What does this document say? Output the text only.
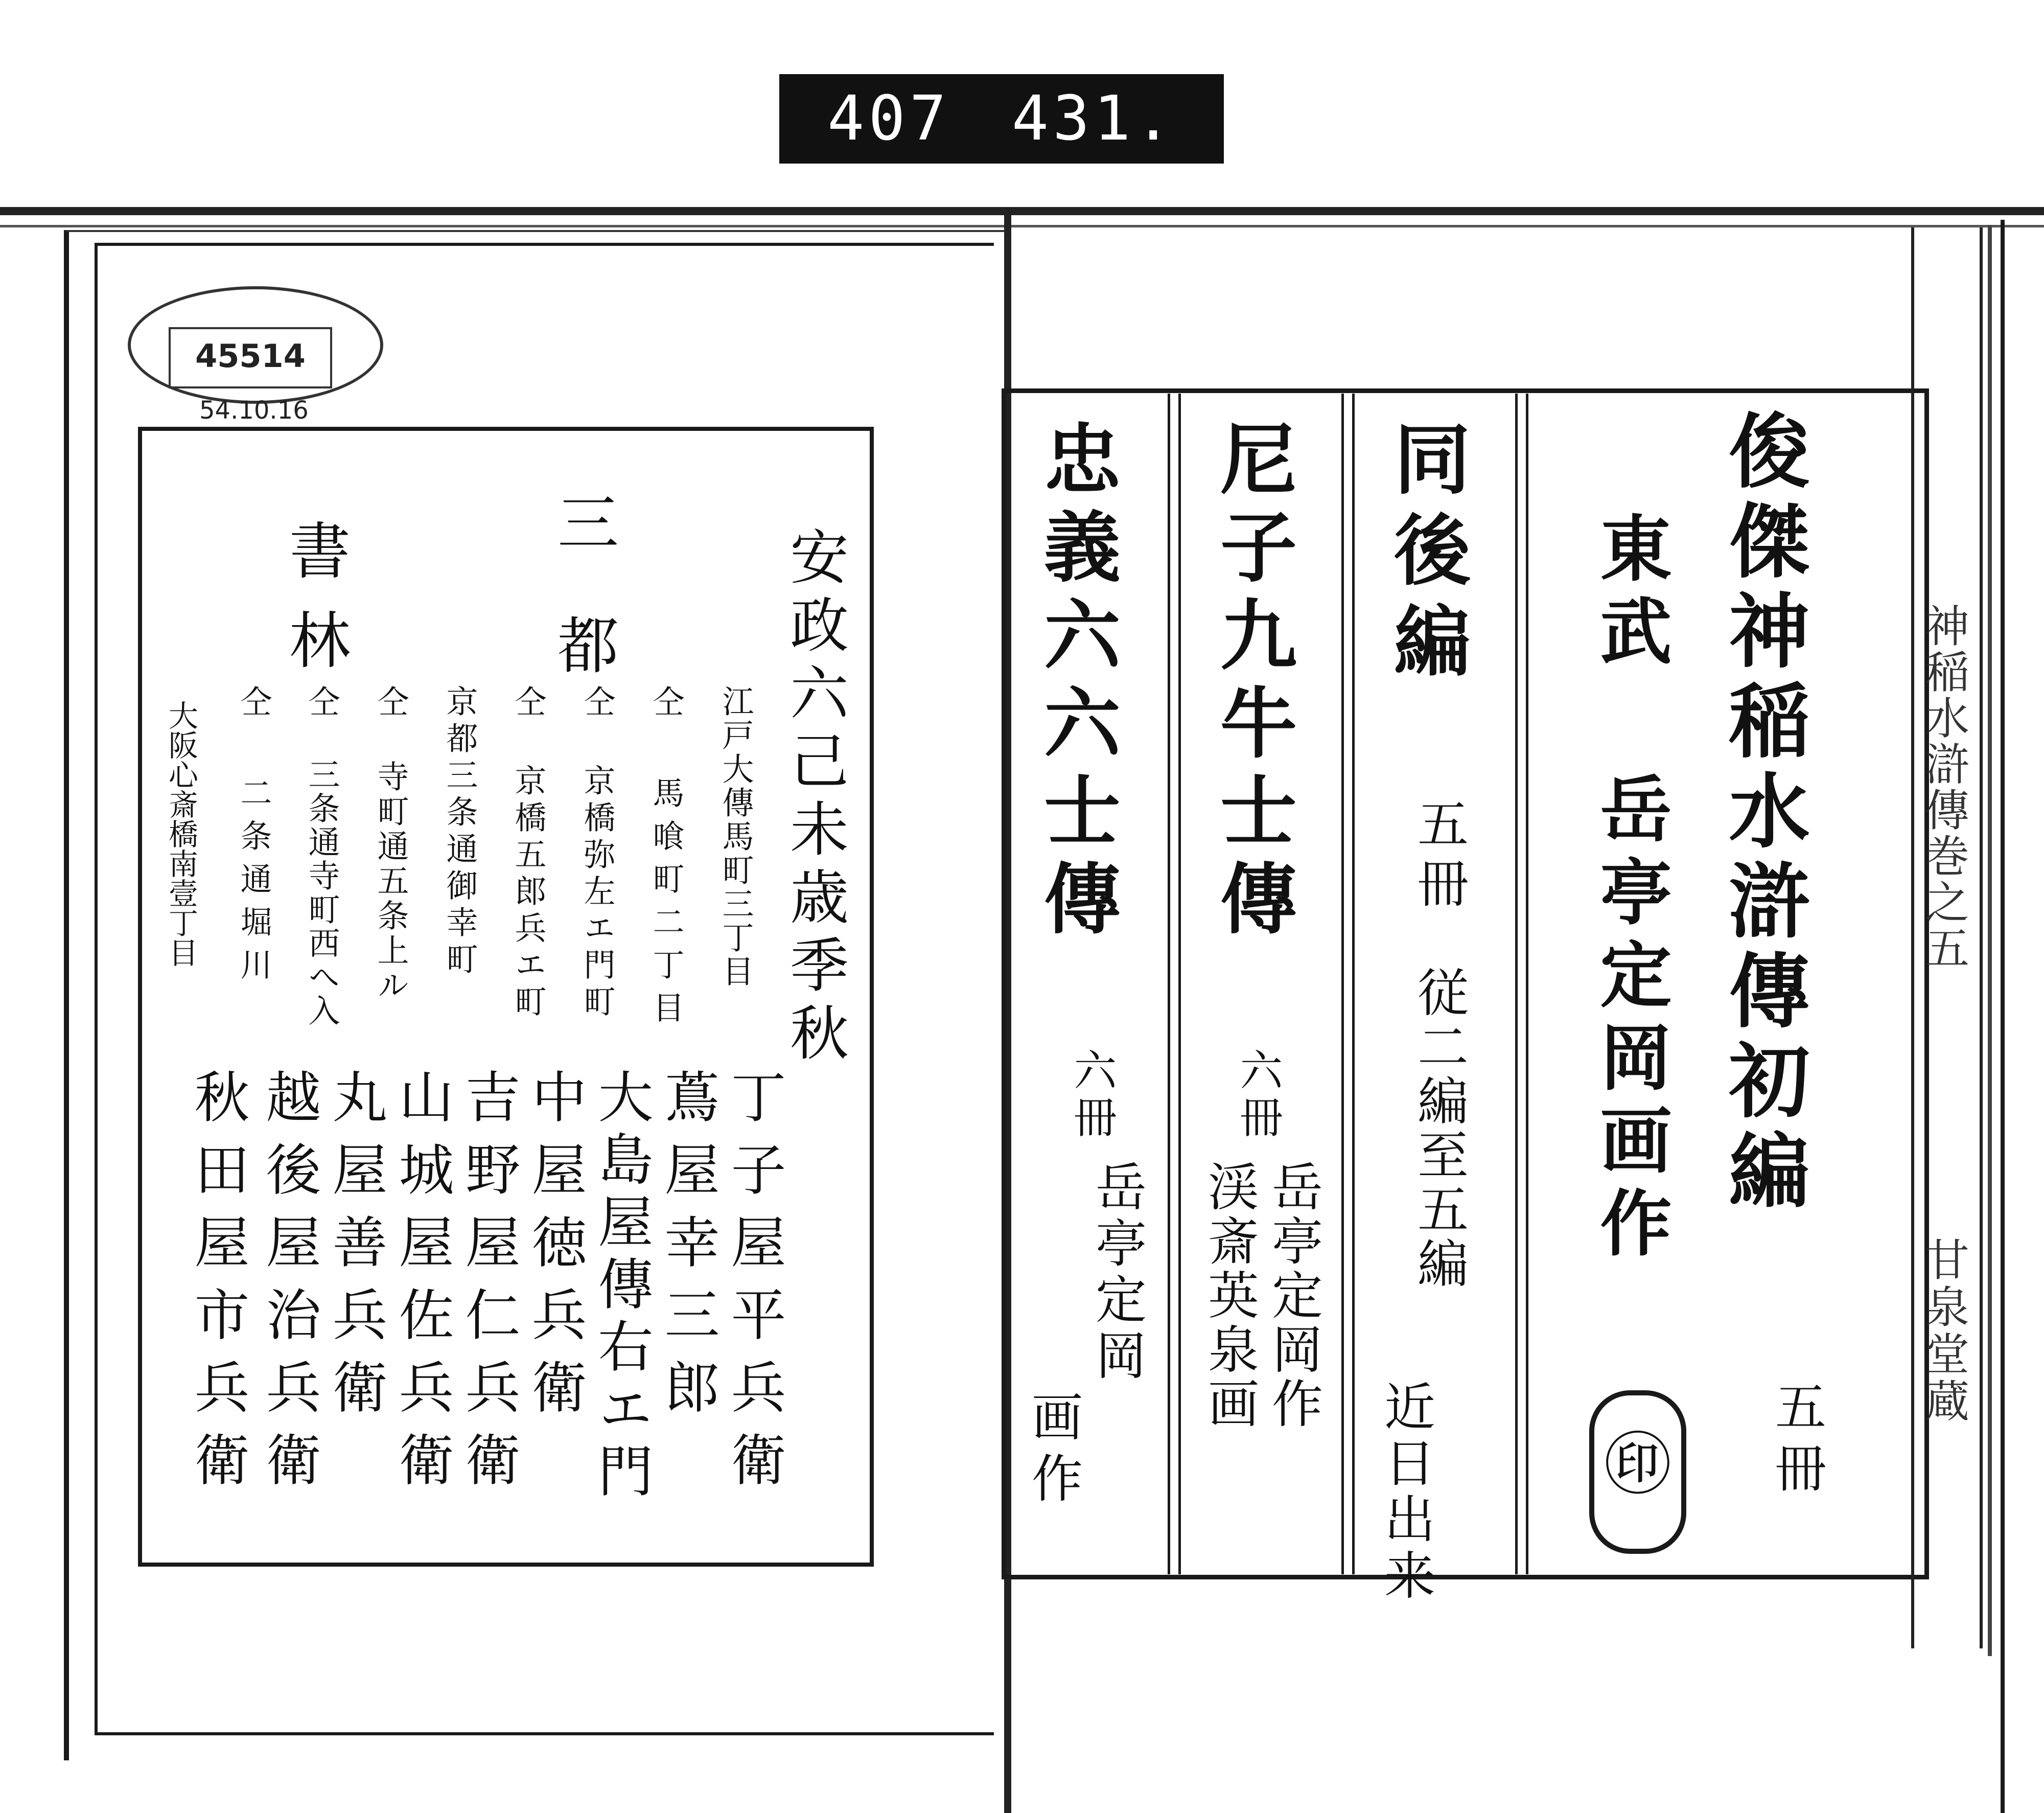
407 431.
45514
54.10.16
安政六己未歳季秋
三都
書林
江戸大傳馬町三丁目
仝 馬喰町二丁目
仝 京橋弥左エ門町
仝 京橋五郎兵エ町
京都三条通御幸町
仝 寺町通五条上ル
仝 三条通寺町西へ入
仝 二条通堀川
大阪心斎橋南壹丁目
丁子屋平兵衛
蔦屋幸三郎
大島屋傳右エ門
中屋徳兵衛
吉野屋仁兵衛
山城屋佐兵衛
丸屋善兵衛
越後屋治兵衛
秋田屋市兵衛
俊傑神稲水滸傳初編
五冊
東武 岳亭定岡画作
㊞
同後編
五冊
従二編至五編
近日出来
尼子九牛士傳
六冊
岳亭定岡作
渓斎英泉画
忠義六六士傳
六冊
岳亭定岡
画作
神稲水滸傳巻之五
甘泉堂蔵
